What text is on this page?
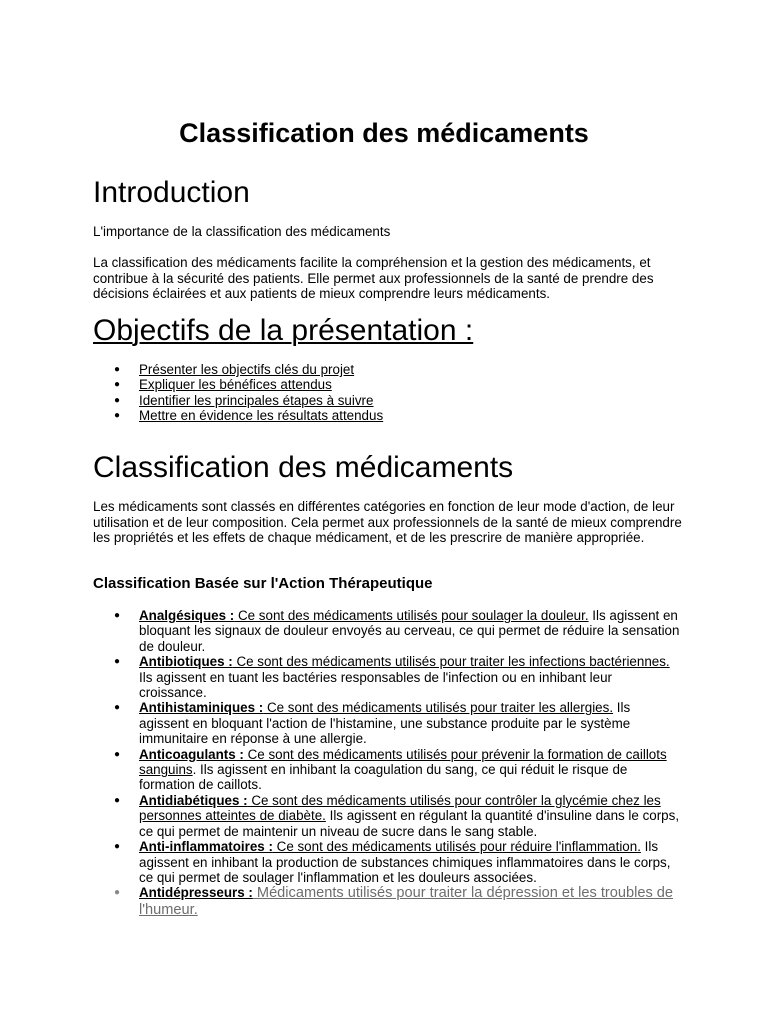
Classification des médicaments
Introduction

L'importance de la classification des médicaments

La classification des médicaments facilite la compréhension et la gestion des médicaments, et contribue à la sécurité des patients. Elle permet aux professionnels de la santé de prendre des décisions éclairées et aux patients de mieux comprendre leurs médicaments.

Objectifs de la présentation :
● Présenter les objectifs clés du projet
● Expliquer les bénéfices attendus
● Identifier les principales étapes à suivre
● Mettre en évidence les résultats attendus
Classification des médicaments

Les médicaments sont classés en différentes catégories en fonction de leur mode d'action, de leur utilisation et de leur composition. Cela permet aux professionnels de la santé de mieux comprendre les propriétés et les effets de chaque médicament, et de les prescrire de manière appropriée.

Classification Basée sur l'Action Thérapeutique
● Analgésiques : Ce sont des médicaments utilisés pour soulager la douleur. Ils agissent en bloquant les signaux de douleur envoyés au cerveau, ce qui permet de réduire la sensation de douleur.
● Antibiotiques : Ce sont des médicaments utilisés pour traiter les infections bactériennes. Ils agissent en tuant les bactéries responsables de l'infection ou en inhibant leur croissance.
● Antihistaminiques : Ce sont des médicaments utilisés pour traiter les allergies. Ils agissent en bloquant l'action de l'histamine, une substance produite par le système immunitaire en réponse à une allergie.
● Anticoagulants : Ce sont des médicaments utilisés pour prévenir la formation de caillots sanguins. Ils agissent en inhibant la coagulation du sang, ce qui réduit le risque de formation de caillots.
● Antidiabétiques : Ce sont des médicaments utilisés pour contrôler la glycémie chez les personnes atteintes de diabète. Ils agissent en régulant la quantité d'insuline dans le corps, ce qui permet de maintenir un niveau de sucre dans le sang stable.
● Anti-inflammatoires : Ce sont des médicaments utilisés pour réduire l'inflammation. Ils agissent en inhibant la production de substances chimiques inflammatoires dans le corps, ce qui permet de soulager l'inflammation et les douleurs associées.
● Antidépresseurs : Médicaments utilisés pour traiter la dépression et les troubles de l'humeur.
